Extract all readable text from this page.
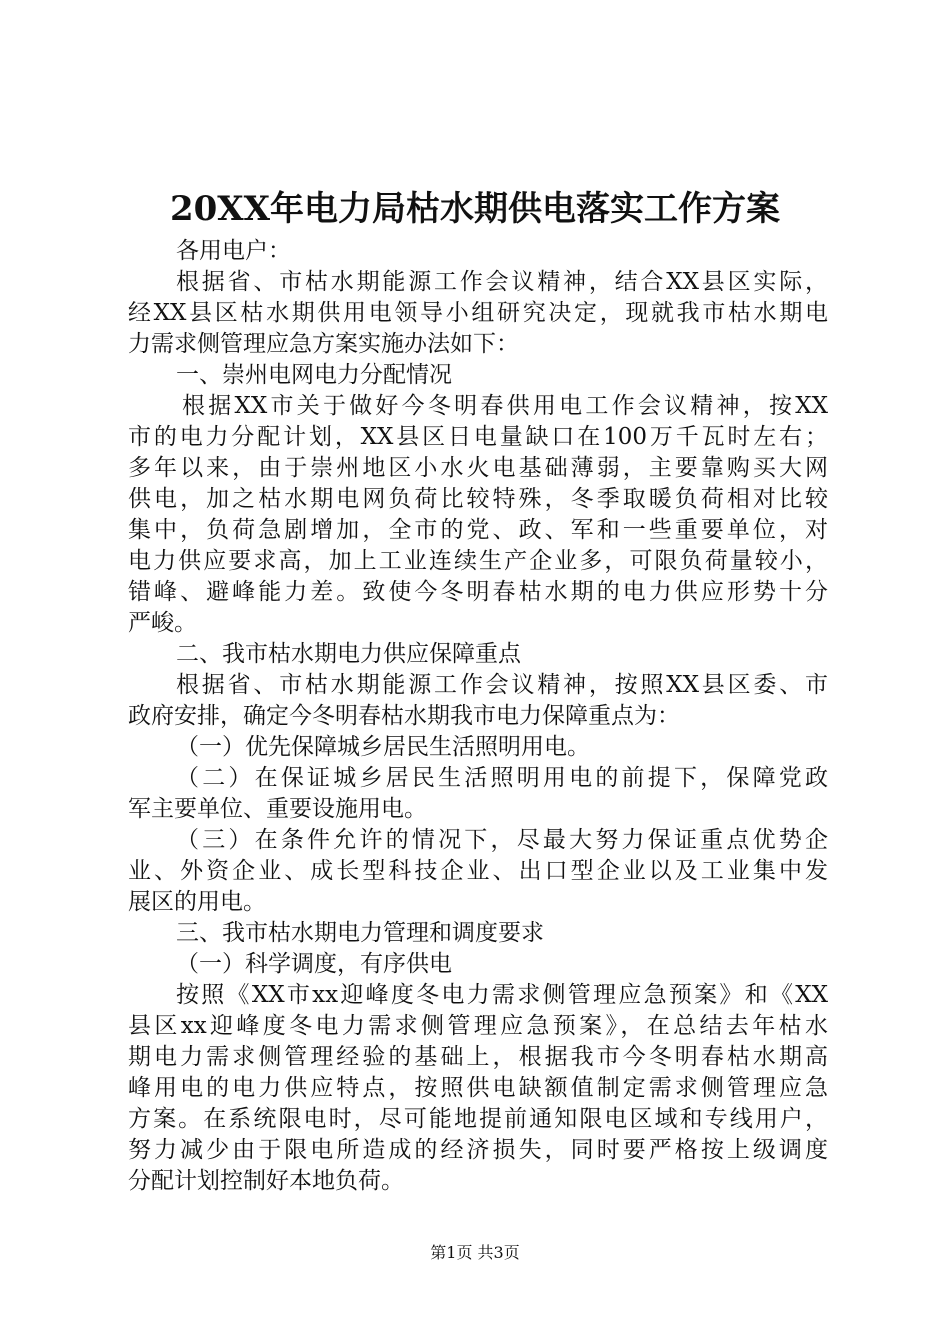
20XX年电力局枯水期供电落实工作方案
各用电户：
根据省、市枯水期能源工作会议精神，结合XX县区实际，
经XX县区枯水期供用电领导小组研究决定，现就我市枯水期电
力需求侧管理应急方案实施办法如下：
一、崇州电网电力分配情况
根据XX市关于做好今冬明春供用电工作会议精神，按XX
市的电力分配计划，XX县区日电量缺口在100万千瓦时左右；
多年以来，由于崇州地区小水火电基础薄弱，主要靠购买大网
供电，加之枯水期电网负荷比较特殊，冬季取暖负荷相对比较
集中，负荷急剧增加，全市的党、政、军和一些重要单位，对
电力供应要求高，加上工业连续生产企业多，可限负荷量较小，
错峰、避峰能力差。致使今冬明春枯水期的电力供应形势十分
严峻。
二、我市枯水期电力供应保障重点
根据省、市枯水期能源工作会议精神，按照XX县区委、市
政府安排，确定今冬明春枯水期我市电力保障重点为：
（一）优先保障城乡居民生活照明用电。
（二）在保证城乡居民生活照明用电的前提下，保障党政
军主要单位、重要设施用电。
（三）在条件允许的情况下，尽最大努力保证重点优势企
业、外资企业、成长型科技企业、出口型企业以及工业集中发
展区的用电。
三、我市枯水期电力管理和调度要求
（一）科学调度，有序供电
按照《XX市xx迎峰度冬电力需求侧管理应急预案》和《XX
县区xx迎峰度冬电力需求侧管理应急预案》，在总结去年枯水
期电力需求侧管理经验的基础上，根据我市今冬明春枯水期高
峰用电的电力供应特点，按照供电缺额值制定需求侧管理应急
方案。在系统限电时，尽可能地提前通知限电区域和专线用户，
努力减少由于限电所造成的经济损失，同时要严格按上级调度
分配计划控制好本地负荷。
第1页 共3页
